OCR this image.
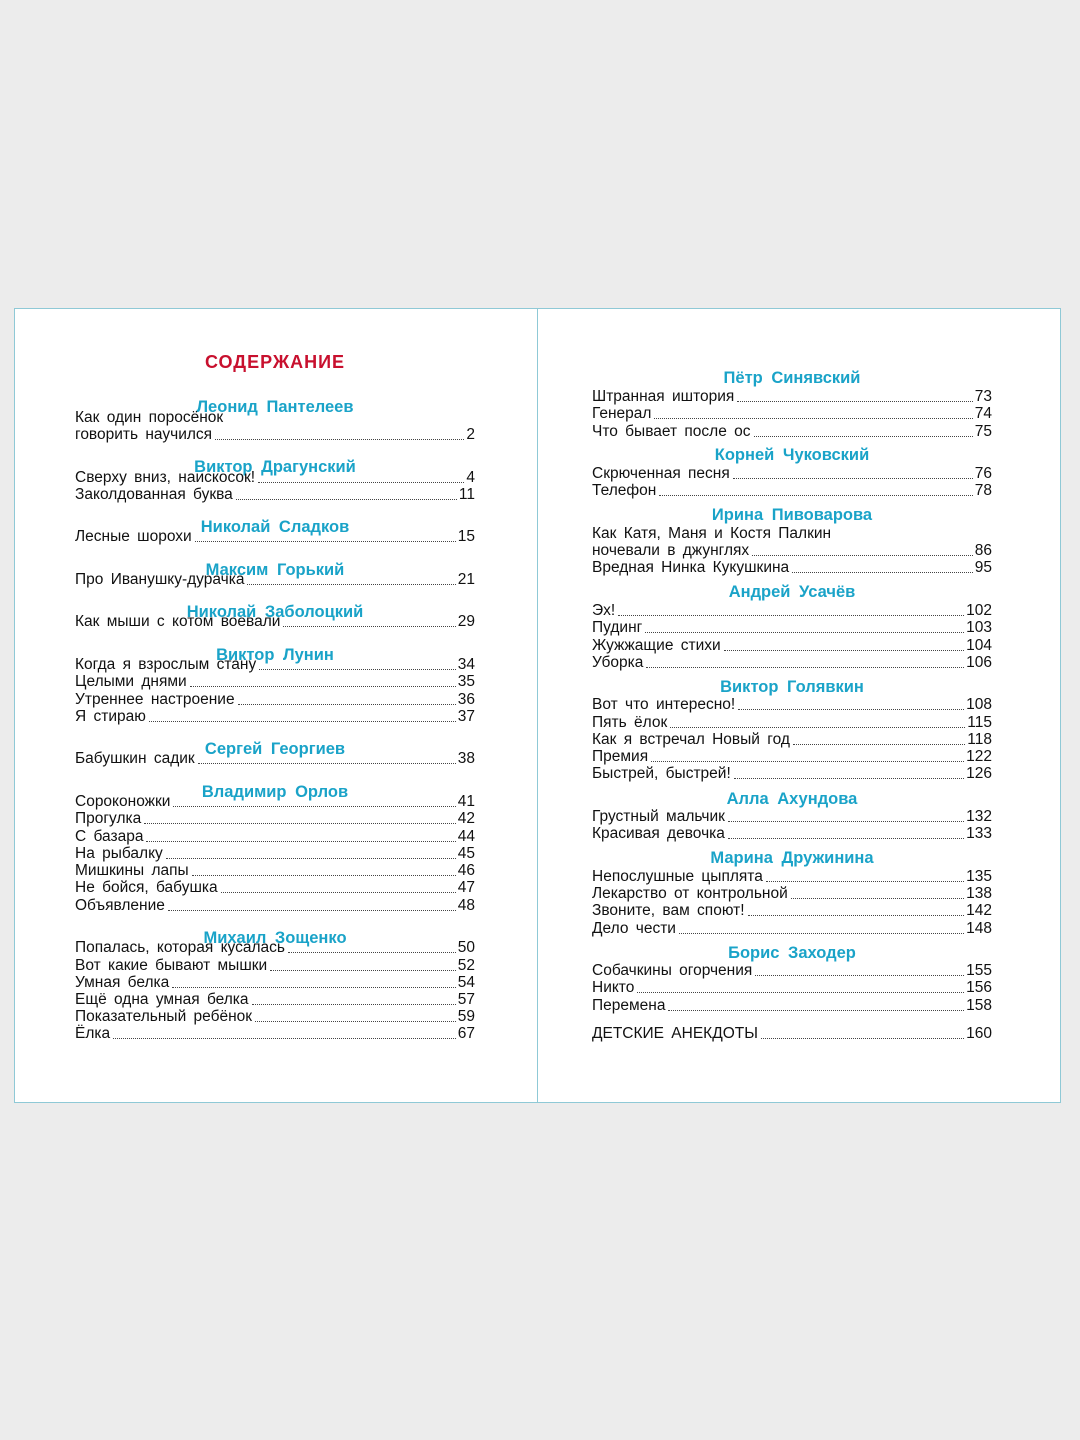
СОДЕРЖАНИЕ
Леонид Пантелеев
Виктор Драгунский
Николай Сладков
Максим Горький
Николай Заболоцкий
Виктор Лунин
Сергей Георгиев
Владимир Орлов
Михаил Зощенко
Как один поросёнок
говорить научился	2
Сверху вниз, наискосок!	4
Заколдованная буква	11
Лесные шорохи	15
Про Иванушку-дурачка	21
Как мыши с котом воевали	29
Когда я взрослым стану	34
Целыми днями	35
Утреннее настроение	36
Я стираю	37
Бабушкин садик	38
Сороконожки	41
Прогулка	42
С базара	44
На рыбалку	45
Мишкины лапы	46
Не бойся, бабушка	47
Объявление	48
Попалась, которая кусалась	50
Вот какие бывают мышки	52
Умная белка	54
Ещё одна умная белка	57
Показательный ребёнок	59
Ёлка	67
Пётр Синявский
Корней Чуковский
Ирина Пивоварова
Андрей Усачёв
Виктор Голявкин
Алла Ахундова
Марина Дружинина
Борис Заходер
Штранная иштория	73
Генерал	74
Что бывает после ос	75
Скрюченная песня	76
Телефон	78
Как Катя, Маня и Костя Палкин
ночевали в джунглях	86
Вредная Нинка Кукушкина	95
Эх!	102
Пудинг	103
Жужжащие стихи	104
Уборка	106
Вот что интересно!	108
Пять ёлок	115
Как я встречал Новый год	118
Премия	122
Быстрей, быстрей!	126
Грустный мальчик	132
Красивая девочка	133
Непослушные цыплята	135
Лекарство от контрольной	138
Звоните, вам споют!	142
Дело чести	148
Собачкины огорчения	155
Никто	156
Перемена	158
ДЕТСКИЕ АНЕКДОТЫ	160
